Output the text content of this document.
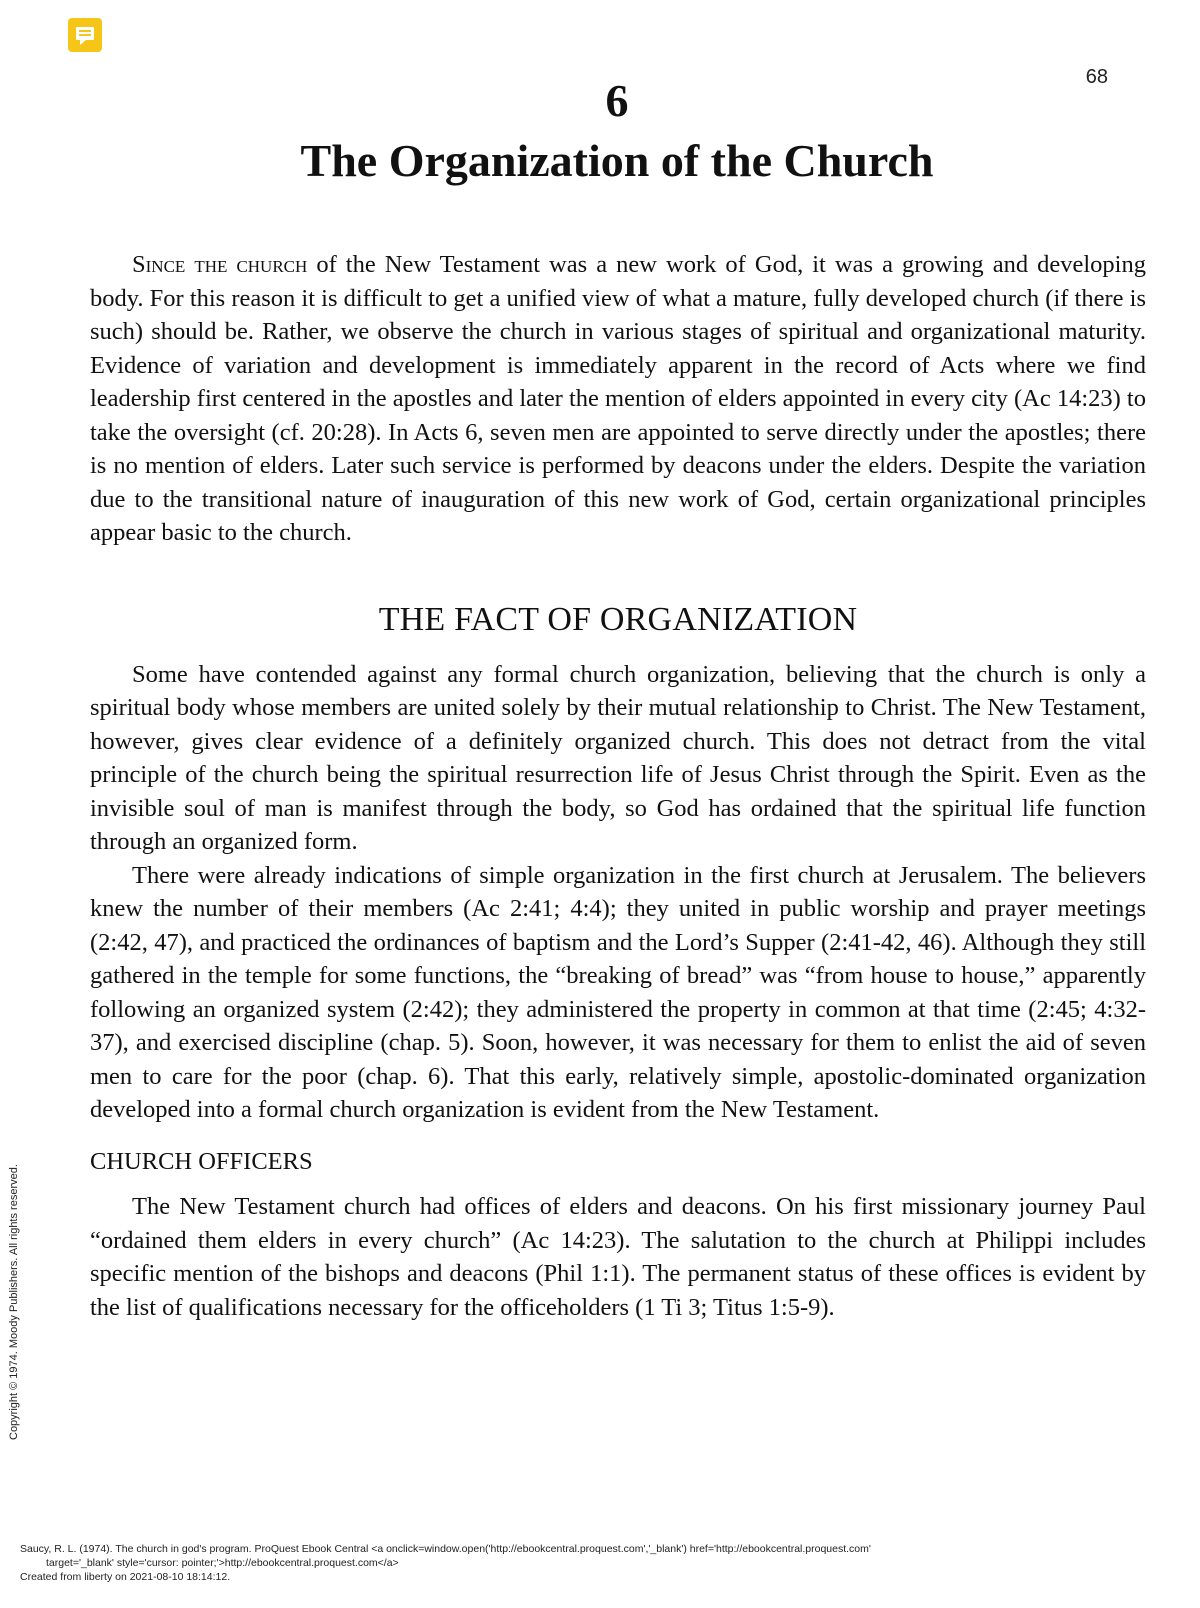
68
6
The Organization of the Church

Since the church of the New Testament was a new work of God, it was a growing and developing body. For this reason it is difficult to get a unified view of what a mature, fully developed church (if there is such) should be. Rather, we observe the church in various stages of spiritual and organizational maturity. Evidence of variation and development is immediately apparent in the record of Acts where we find leadership first centered in the apostles and later the mention of elders appointed in every city (Ac 14:23) to take the oversight (cf. 20:28). In Acts 6, seven men are appointed to serve directly under the apostles; there is no mention of elders. Later such service is performed by deacons under the elders. Despite the variation due to the transitional nature of inauguration of this new work of God, certain organizational principles appear basic to the church.

THE FACT OF ORGANIZATION

Some have contended against any formal church organization, believing that the church is only a spiritual body whose members are united solely by their mutual relationship to Christ. The New Testament, however, gives clear evidence of a definitely organized church. This does not detract from the vital principle of the church being the spiritual resurrection life of Jesus Christ through the Spirit. Even as the invisible soul of man is manifest through the body, so God has ordained that the spiritual life function through an organized form.

There were already indications of simple organization in the first church at Jerusalem. The believers knew the number of their members (Ac 2:41; 4:4); they united in public worship and prayer meetings (2:42, 47), and practiced the ordinances of baptism and the Lord’s Supper (2:41-42, 46). Although they still gathered in the temple for some functions, the “breaking of bread” was “from house to house,” apparently following an organized system (2:42); they administered the property in common at that time (2:45; 4:32-37), and exercised discipline (chap. 5). Soon, however, it was necessary for them to enlist the aid of seven men to care for the poor (chap. 6). That this early, relatively simple, apostolic-dominated organization developed into a formal church organization is evident from the New Testament.

CHURCH OFFICERS

The New Testament church had offices of elders and deacons. On his first missionary journey Paul “ordained them elders in every church” (Ac 14:23). The salutation to the church at Philippi includes specific mention of the bishops and deacons (Phil 1:1). The permanent status of these offices is evident by the list of qualifications necessary for the officeholders (1 Ti 3; Titus 1:5-9).

Copyright © 1974. Moody Publishers. All rights reserved.
Saucy, R. L. (1974). The church in god's program. ProQuest Ebook Central <a onclick=window.open('http://ebookcentral.proquest.com','_blank') href='http://ebookcentral.proquest.com'
target='_blank' style='cursor: pointer;'>http://ebookcentral.proquest.com</a>
Created from liberty on 2021-08-10 18:14:12.
